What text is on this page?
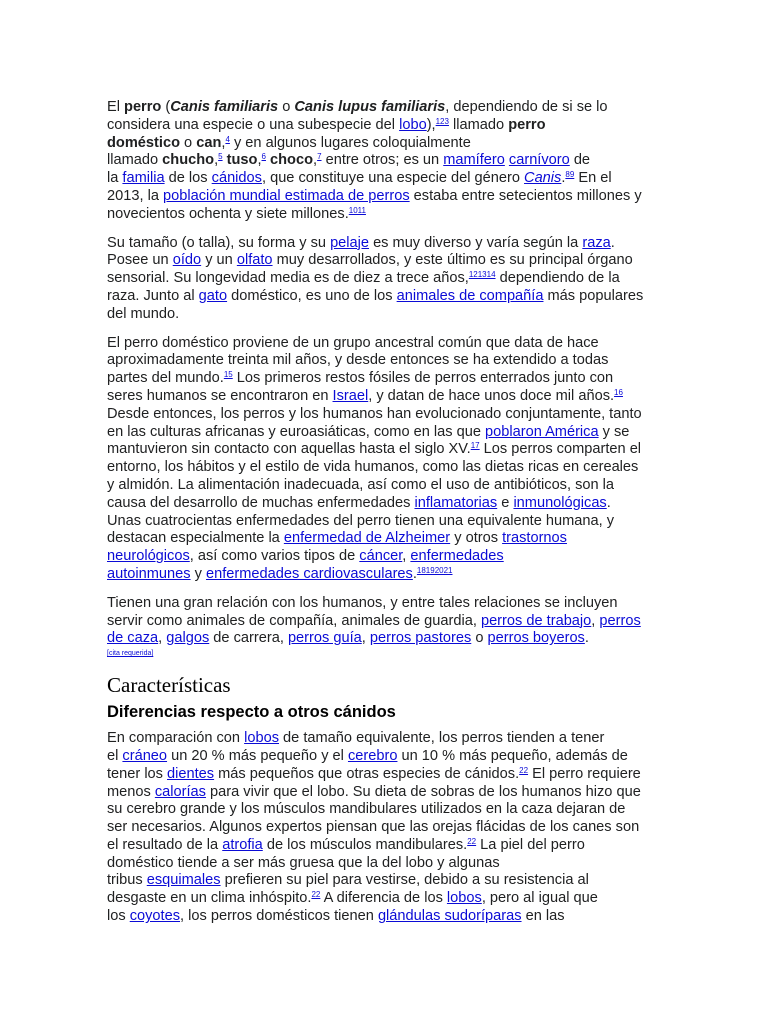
El perro (Canis familiaris o Canis lupus familiaris, dependiendo de si se lo
considera una especie o una subespecie del lobo),$^{123}$ llamado perro
doméstico o can,$^4$ y en algunos lugares coloquialmente
llamado chucho,$^5$ tuso,$^6$ choco,$^7$ entre otros; es un mamífero carnívoro de
la familia de los cánidos, que constituye una especie del género Canis.$^{89}$ En el
2013, la población mundial estimada de perros estaba entre setecientos millones y
novecientos ochenta y siete millones.$^{1011}$
Su tamaño (o talla), su forma y su pelaje es muy diverso y varía según la raza.
Posee un oído y un olfato muy desarrollados, y este último es su principal órgano
sensorial. Su longevidad media es de diez a trece años,$^{121314}$ dependiendo de la
raza. Junto al gato doméstico, es uno de los animales de compañía más populares
del mundo.
El perro doméstico proviene de un grupo ancestral común que data de hace
aproximadamente treinta mil años, y desde entonces se ha extendido a todas
partes del mundo.$^{15}$ Los primeros restos fósiles de perros enterrados junto con
seres humanos se encontraron en Israel, y datan de hace unos doce mil años.$^{16}$
Desde entonces, los perros y los humanos han evolucionado conjuntamente, tanto
en las culturas africanas y euroasiáticas, como en las que poblaron América y se
mantuvieron sin contacto con aquellas hasta el siglo XV.$^{17}$ Los perros comparten el
entorno, los hábitos y el estilo de vida humanos, como las dietas ricas en cereales
y almidón. La alimentación inadecuada, así como el uso de antibióticos, son la
causa del desarrollo de muchas enfermedades inflamatorias e inmunológicas.
Unas cuatrocientas enfermedades del perro tienen una equivalente humana, y
destacan especialmente la enfermedad de Alzheimer y otros trastornos
neurológicos, así como varios tipos de cáncer, enfermedades
autoinmunes y enfermedades cardiovasculares.$^{18192021}$
Tienen una gran relación con los humanos, y entre tales relaciones se incluyen
servir como animales de compañía, animales de guardia, perros de trabajo, perros
de caza, galgos de carrera, perros guía, perros pastores o perros boyeros.
[cita requerida]
Características
Diferencias respecto a otros cánidos
En comparación con lobos de tamaño equivalente, los perros tienden a tener
el cráneo un 20 % más pequeño y el cerebro un 10 % más pequeño, además de
tener los dientes más pequeños que otras especies de cánidos.$^{22}$ El perro requiere
menos calorías para vivir que el lobo. Su dieta de sobras de los humanos hizo que
su cerebro grande y los músculos mandibulares utilizados en la caza dejaran de
ser necesarios. Algunos expertos piensan que las orejas flácidas de los canes son
el resultado de la atrofia de los músculos mandibulares.$^{22}$ La piel del perro
doméstico tiende a ser más gruesa que la del lobo y algunas
tribus esquimales prefieren su piel para vestirse, debido a su resistencia al
desgaste en un clima inhóspito.$^{22}$ A diferencia de los lobos, pero al igual que
los coyotes, los perros domésticos tienen glándulas sudoríparas en las
